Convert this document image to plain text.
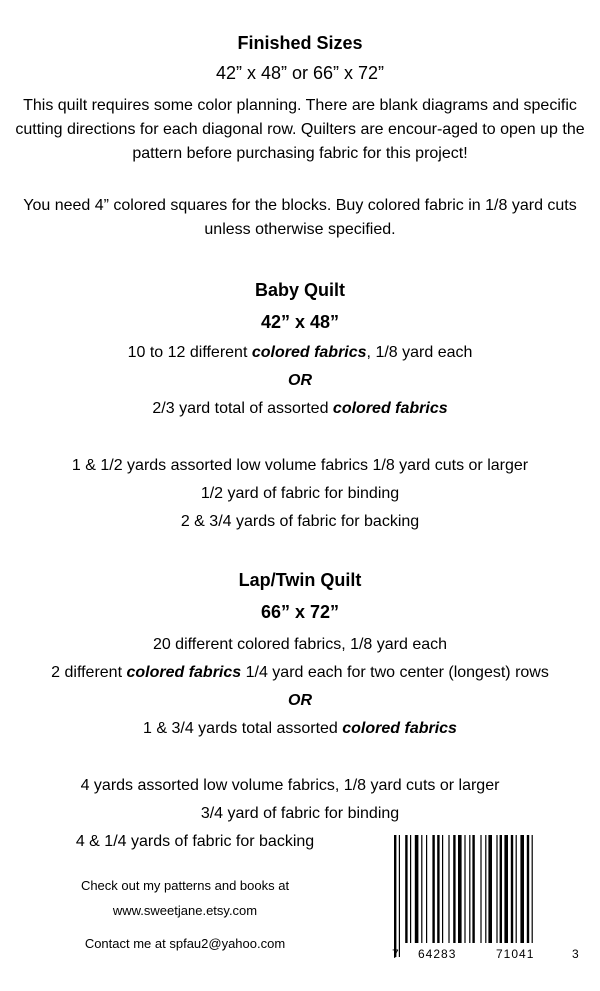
Finished Sizes
42” x 48” or 66” x 72”
This quilt requires some color planning. There are blank diagrams and specific cutting directions for each diagonal row. Quilters are encour-aged to open up the pattern before purchasing fabric for this project!
You need 4” colored squares for the blocks. Buy colored fabric in 1/8 yard cuts unless otherwise specified.
Baby Quilt
42” x 48”
10 to 12 different colored fabrics, 1/8 yard each
OR
2/3 yard total of assorted colored fabrics
1 & 1/2 yards assorted low volume fabrics 1/8 yard cuts or larger
1/2 yard of fabric for binding
2 & 3/4 yards of fabric for backing
Lap/Twin Quilt
66” x 72”
20 different colored fabrics, 1/8 yard each
2 different colored fabrics 1/4 yard each for two center (longest) rows
OR
1 & 3/4 yards total assorted colored fabrics
4 yards assorted low volume fabrics, 1/8 yard cuts or larger
3/4 yard of fabric for binding
4 & 1/4 yards of fabric for backing
Check out my patterns and books at
www.sweetjane.etsy.com
Contact me at spfau2@yahoo.com
7 64283	71041	3
